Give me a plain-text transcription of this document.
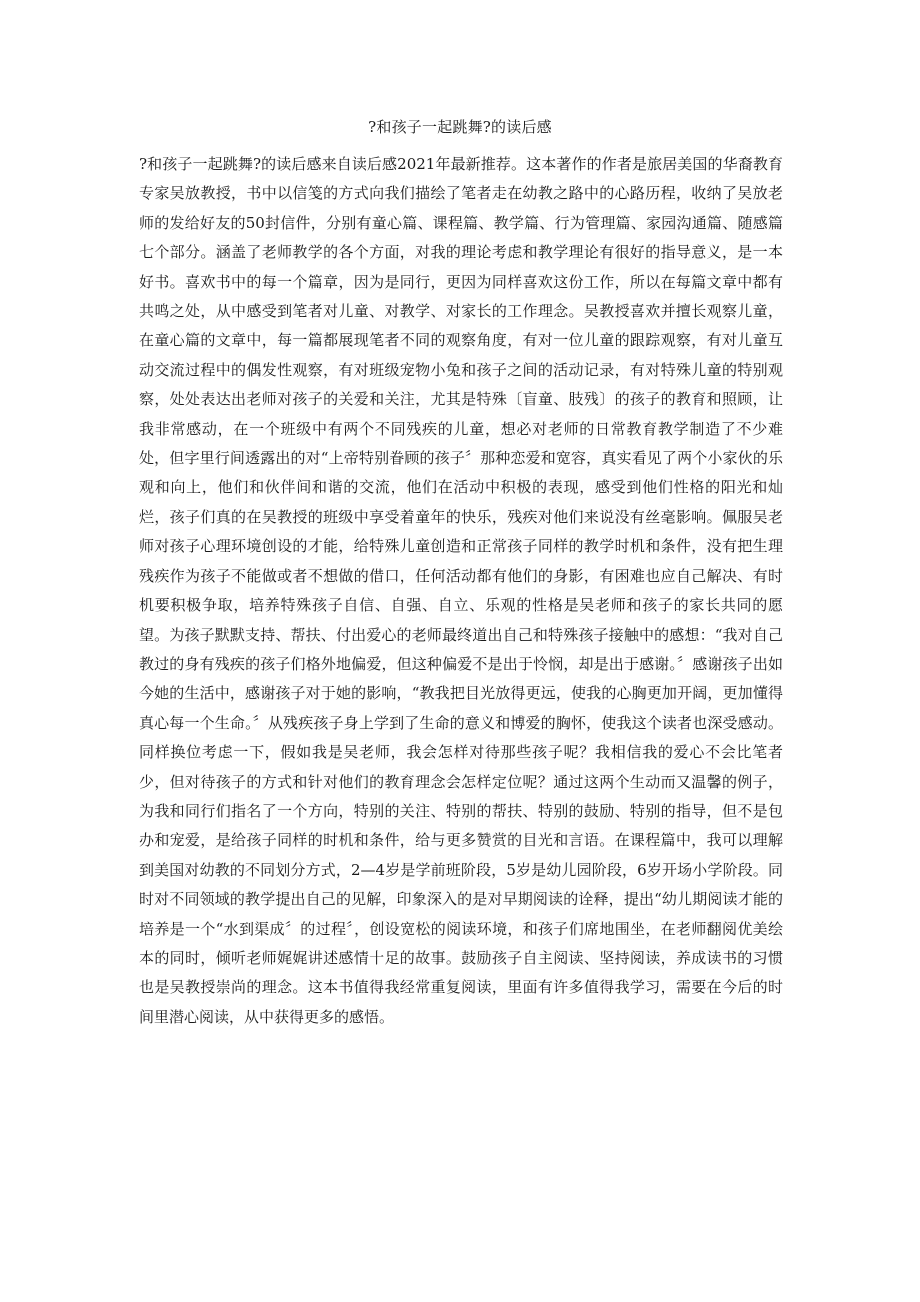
?和孩子一起跳舞?的读后感

?和孩子一起跳舞?的读后感来自读后感2021年最新推荐。这本著作的作者是旅居美国的华裔教育专家吴放教授，书中以信笺的方式向我们描绘了笔者走在幼教之路中的心路历程，收纳了吴放老师的发给好友的50封信件，分别有童心篇、课程篇、教学篇、行为管理篇、家园沟通篇、随感篇七个部分。涵盖了老师教学的各个方面，对我的理论考虑和教学理论有很好的指导意义，是一本好书。喜欢书中的每一个篇章，因为是同行，更因为同样喜欢这份工作，所以在每篇文章中都有共鸣之处，从中感受到笔者对儿童、对教学、对家长的工作理念。吴教授喜欢并擅长观察儿童，在童心篇的文章中，每一篇都展现笔者不同的观察角度，有对一位儿童的跟踪观察，有对儿童互动交流过程中的偶发性观察，有对班级宠物小兔和孩子之间的活动记录，有对特殊儿童的特别观察，处处表达出老师对孩子的关爱和关注，尤其是特殊〔盲童、肢残〕的孩子的教育和照顾，让我非常感动，在一个班级中有两个不同残疾的儿童，想必对老师的日常教育教学制造了不少难处，但字里行间透露出的对“上帝特别眷顾的孩子〞那种恋爱和宽容，真实看见了两个小家伙的乐观和向上，他们和伙伴间和谐的交流，他们在活动中积极的表现，感受到他们性格的阳光和灿烂，孩子们真的在吴教授的班级中享受着童年的快乐，残疾对他们来说没有丝毫影响。佩服吴老师对孩子心理环境创设的才能，给特殊儿童创造和正常孩子同样的教学时机和条件，没有把生理残疾作为孩子不能做或者不想做的借口，任何活动都有他们的身影，有困难也应自己解决、有时机要积极争取，培养特殊孩子自信、自强、自立、乐观的性格是吴老师和孩子的家长共同的愿望。为孩子默默支持、帮扶、付出爱心的老师最终道出自己和特殊孩子接触中的感想：“我对自己教过的身有残疾的孩子们格外地偏爱，但这种偏爱不是出于怜悯，却是出于感谢。〞感谢孩子出如今她的生活中，感谢孩子对于她的影响，“教我把目光放得更远，使我的心胸更加开阔，更加懂得真心每一个生命。〞从残疾孩子身上学到了生命的意义和博爱的胸怀，使我这个读者也深受感动。同样换位考虑一下，假如我是吴老师，我会怎样对待那些孩子呢？我相信我的爱心不会比笔者少，但对待孩子的方式和针对他们的教育理念会怎样定位呢？通过这两个生动而又温馨的例子，为我和同行们指名了一个方向，特别的关注、特别的帮扶、特别的鼓励、特别的指导，但不是包办和宠爱，是给孩子同样的时机和条件，给与更多赞赏的目光和言语。在课程篇中，我可以理解到美国对幼教的不同划分方式，2—4岁是学前班阶段，5岁是幼儿园阶段，6岁开场小学阶段。同时对不同领域的教学提出自己的见解，印象深入的是对早期阅读的诠释，提出“幼儿期阅读才能的培养是一个“水到渠成〞的过程〞，创设宽松的阅读环境，和孩子们席地围坐，在老师翻阅优美绘本的同时，倾听老师娓娓讲述感情十足的故事。鼓励孩子自主阅读、坚持阅读，养成读书的习惯也是吴教授崇尚的理念。这本书值得我经常重复阅读，里面有许多值得我学习，需要在今后的时间里潜心阅读，从中获得更多的感悟。
